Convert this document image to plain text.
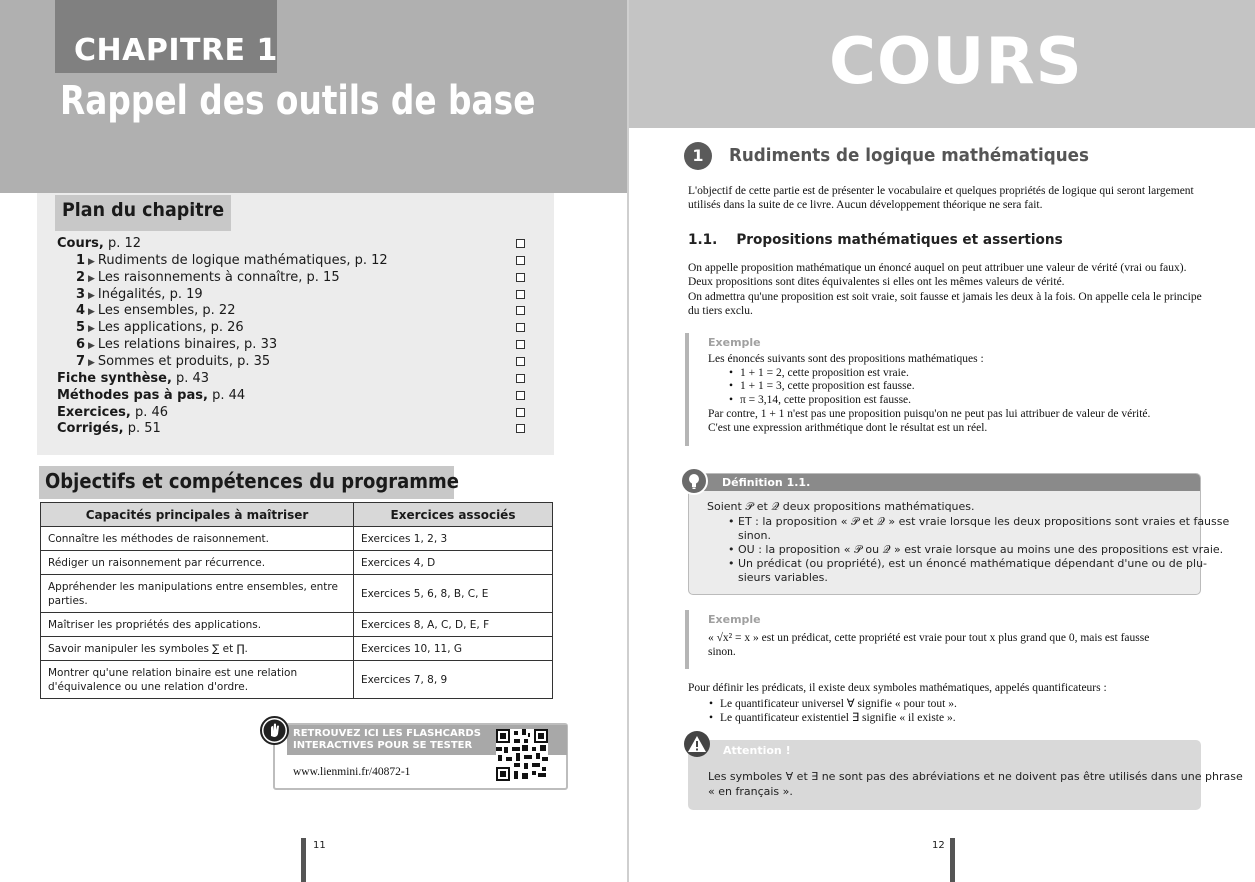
CHAPITRE 1
Rappel des outils de base
Plan du chapitre
Cours, p. 12
1 ▶ Rudiments de logique mathématiques, p. 12
2 ▶ Les raisonnements à connaître, p. 15
3 ▶ Inégalités, p. 19
4 ▶ Les ensembles, p. 22
5 ▶ Les applications, p. 26
6 ▶ Les relations binaires, p. 33
7 ▶ Sommes et produits, p. 35
Fiche synthèse, p. 43
Méthodes pas à pas, p. 44
Exercices, p. 46
Corrigés, p. 51
Objectifs et compétences du programme
Capacités principales à maîtriser	Exercices associés
Connaître les méthodes de raisonnement.	Exercices 1, 2, 3
Rédiger un raisonnement par récurrence.	Exercices 4, D
Appréhender les manipulations entre ensembles, entre parties.	Exercices 5, 6, 8, B, C, E
Maîtriser les propriétés des applications.	Exercices 8, A, C, D, E, F
Savoir manipuler les symboles ∑ et ∏.	Exercices 10, 11, G
Montrer qu'une relation binaire est une relation d'équivalence ou une relation d'ordre.	Exercices 7, 8, 9
RETROUVEZ ICI LES FLASHCARDS INTERACTIVES POUR SE TESTER
www.lienmini.fr/40872-1
11
COURS
1	Rudiments de logique mathématiques
L'objectif de cette partie est de présenter le vocabulaire et quelques propriétés de logique qui seront largement utilisés dans la suite de ce livre. Aucun développement théorique ne sera fait.
1.1. Propositions mathématiques et assertions
On appelle proposition mathématique un énoncé auquel on peut attribuer une valeur de vérité (vrai ou faux). Deux propositions sont dites équivalentes si elles ont les mêmes valeurs de vérité.
On admettra qu'une proposition est soit vraie, soit fausse et jamais les deux à la fois. On appelle cela le principe du tiers exclu.
Exemple
Les énoncés suivants sont des propositions mathématiques :
• 1 + 1 = 2, cette proposition est vraie.
• 1 + 1 = 3, cette proposition est fausse.
• π = 3,14, cette proposition est fausse.
Par contre, 1 + 1 n'est pas une proposition puisqu'on ne peut pas lui attribuer de valeur de vérité.
C'est une expression arithmétique dont le résultat est un réel.
Définition 1.1.
Soient 𝒫 et 𝒬 deux propositions mathématiques.
• ET : la proposition « 𝒫 et 𝒬 » est vraie lorsque les deux propositions sont vraies et fausse
sinon.
• OU : la proposition « 𝒫 ou 𝒬 » est vraie lorsque au moins une des propositions est vraie.
• Un prédicat (ou propriété), est un énoncé mathématique dépendant d'une ou de plu-
sieurs variables.
Exemple
« √x² = x » est un prédicat, cette propriété est vraie pour tout x plus grand que 0, mais est fausse
sinon.
Pour définir les prédicats, il existe deux symboles mathématiques, appelés quantificateurs :
• Le quantificateur universel ∀ signifie « pour tout ».
• Le quantificateur existentiel ∃ signifie « il existe ».
Attention !
Les symboles ∀ et ∃ ne sont pas des abréviations et ne doivent pas être utilisés dans une phrase
« en français ».
12
